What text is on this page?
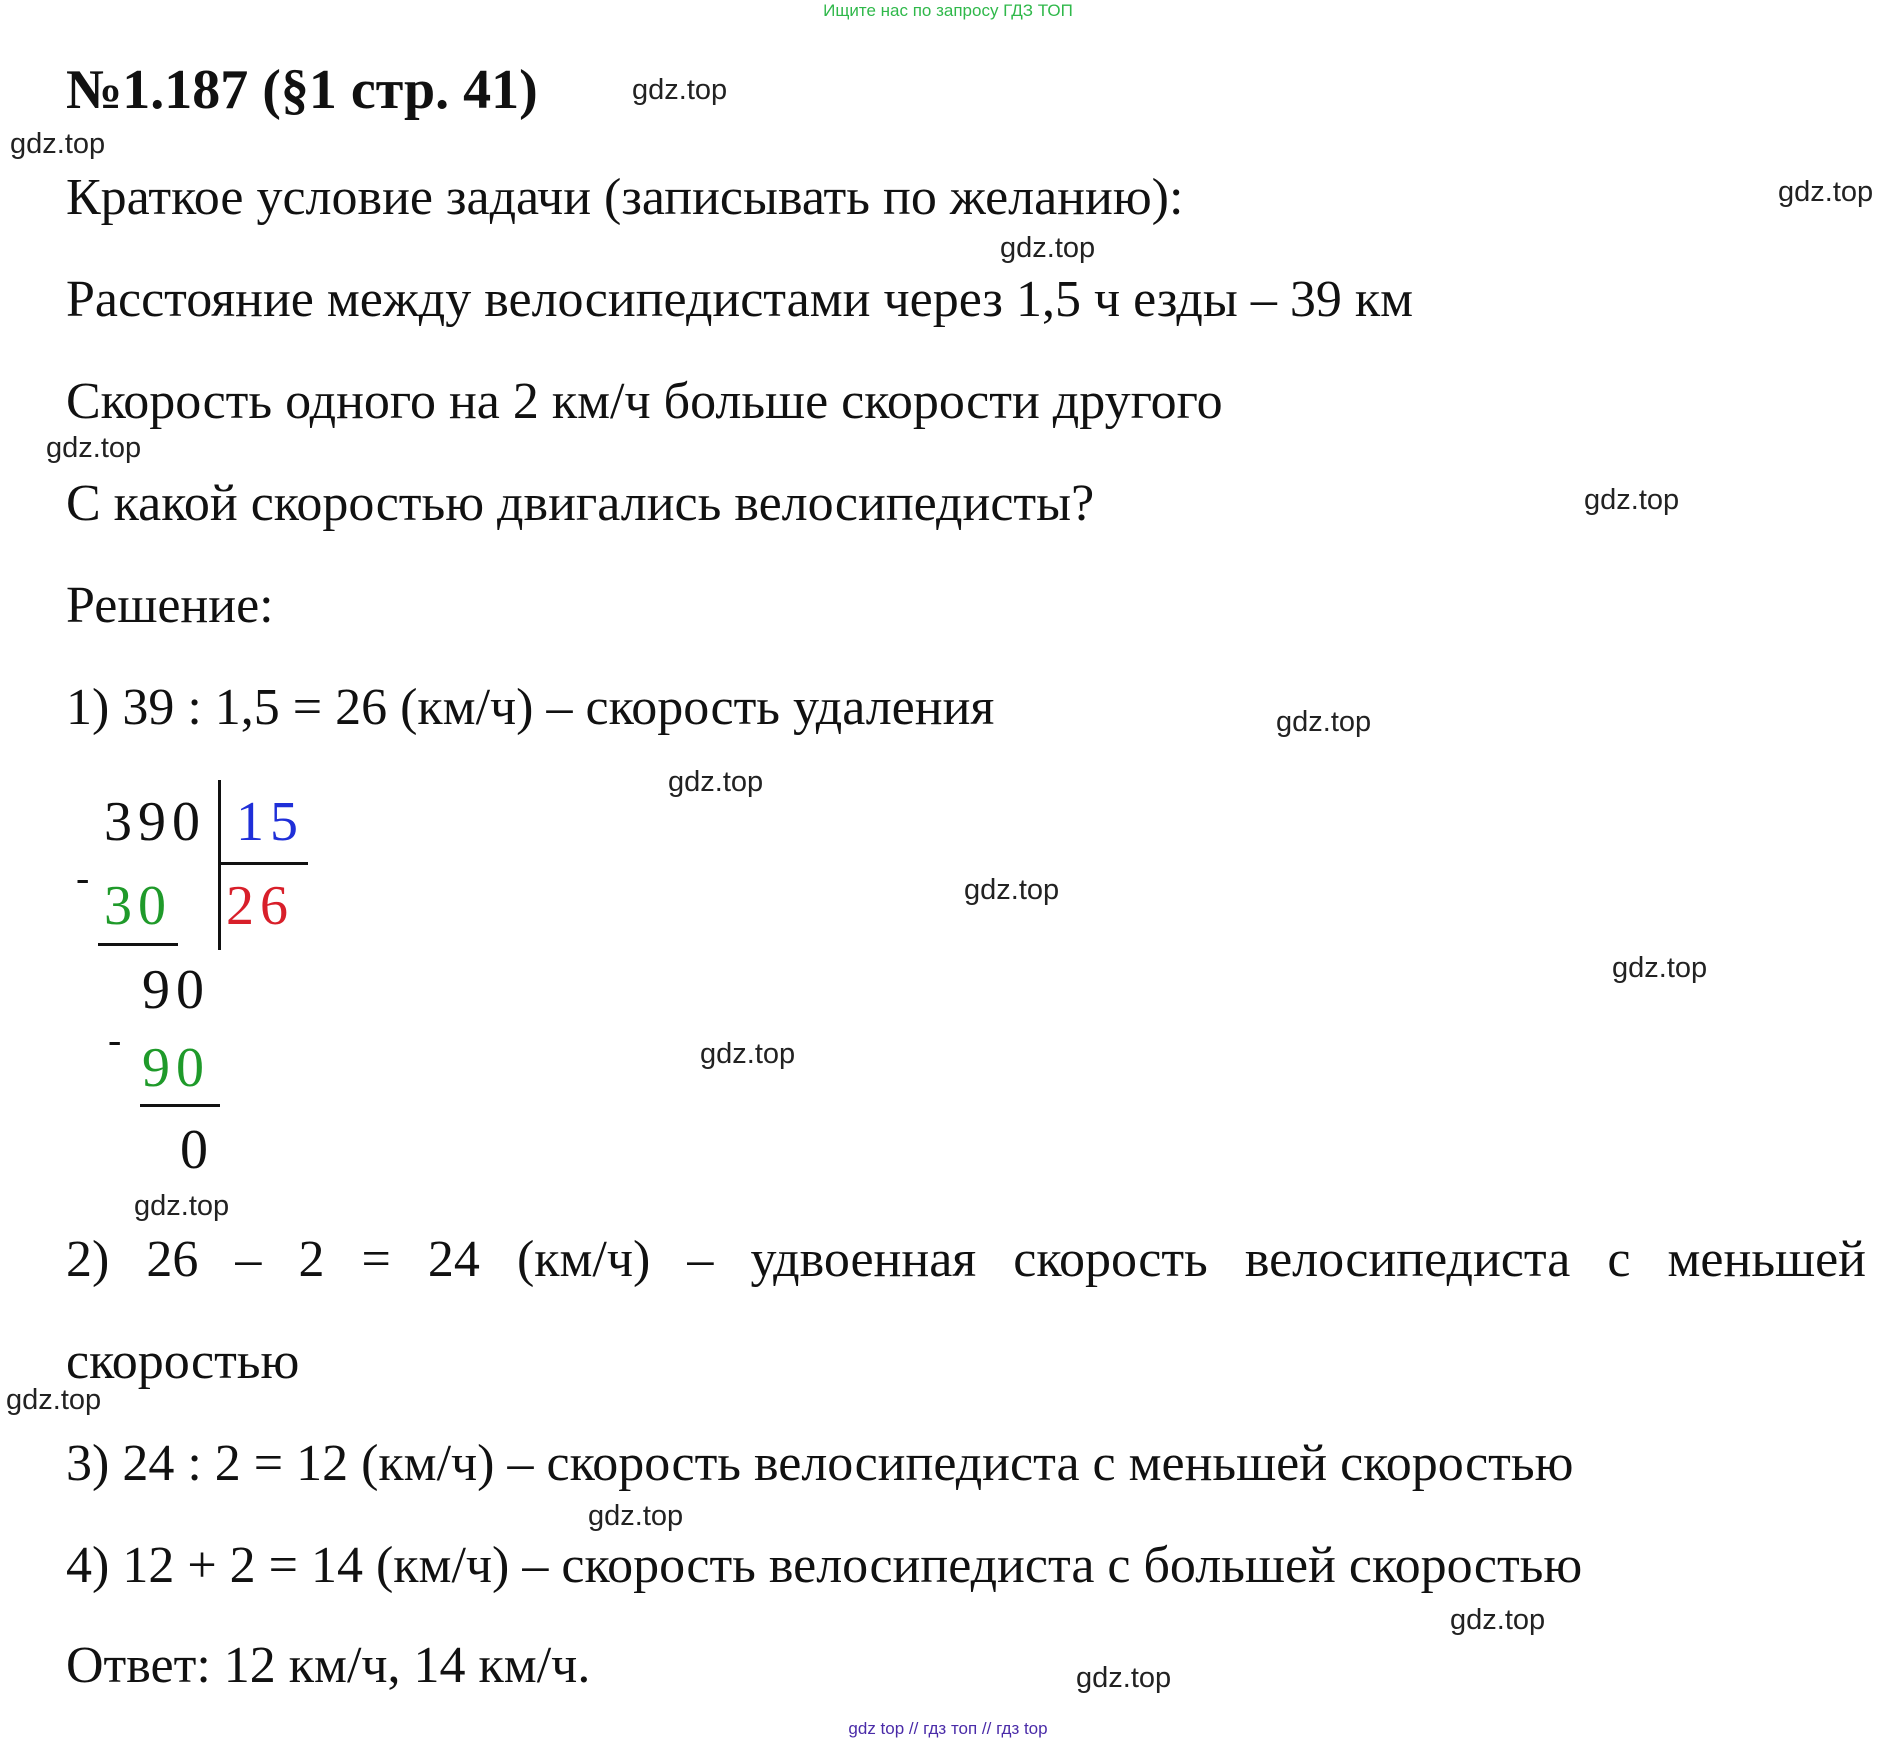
Ищите нас по запросу ГДЗ ТОП
№1.187 (§1 стр. 41)
Краткое условие задачи (записывать по желанию):
Расстояние между велосипедистами через 1,5 ч езды – 39 км
Скорость одного на 2 км/ч больше скорости другого
С какой скоростью двигались велосипедисты?
Решение:
1) 39 : 1,5 = 26 (км/ч) – скорость удаления
390 15
- 30 26
90
- 90
0
2) 26 – 2 = 24 (км/ч) – удвоенная скорость велосипедиста с меньшей
скоростью
3) 24 : 2 = 12 (км/ч) – скорость велосипедиста с меньшей скоростью
4) 12 + 2 = 14 (км/ч) – скорость велосипедиста с большей скоростью
Ответ: 12 км/ч, 14 км/ч.
gdz.top
gdz.top
gdz.top
gdz.top
gdz.top
gdz.top
gdz.top
gdz.top
gdz.top
gdz.top
gdz.top
gdz.top
gdz.top
gdz.top
gdz.top
gdz.top
gdz top // гдз топ // гдз top
